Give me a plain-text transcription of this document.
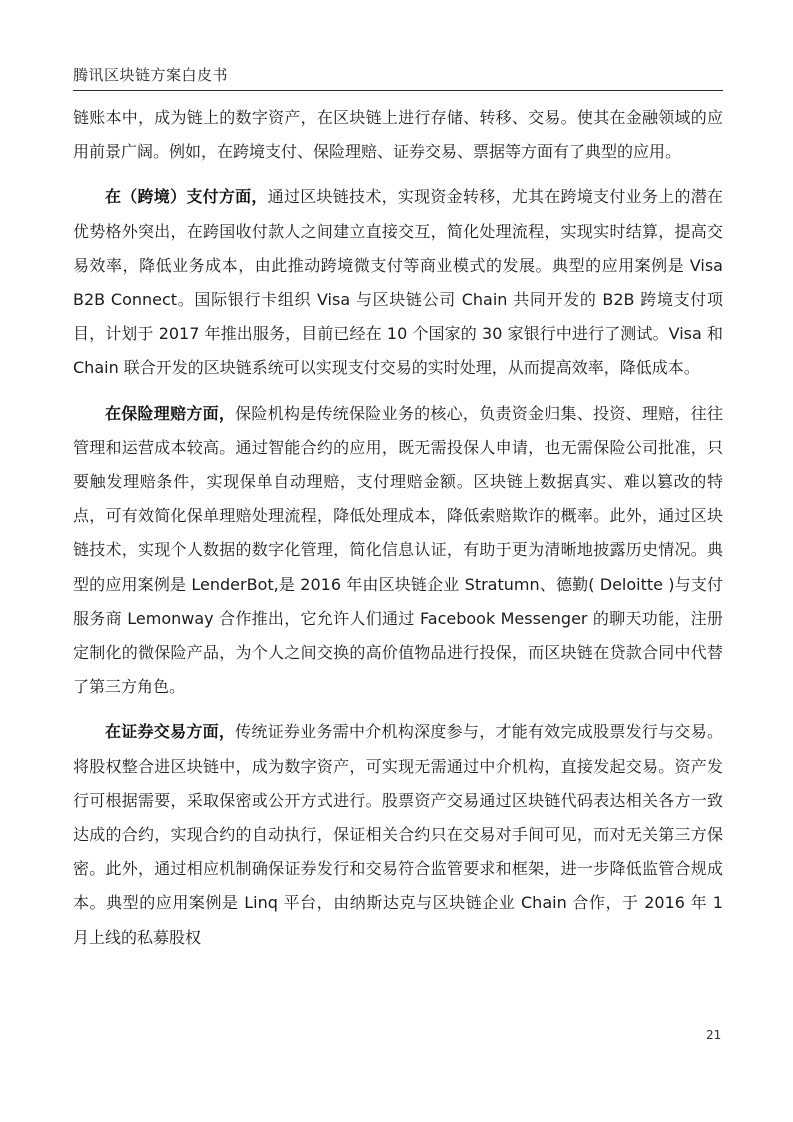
腾讯区块链方案白皮书

链账本中，成为链上的数字资产，在区块链上进行存储、转移、交易。使其在金融领域的应用前景广阔。例如，在跨境支付、保险理赔、证券交易、票据等方面有了典型的应用。

在（跨境）支付方面，通过区块链技术，实现资金转移，尤其在跨境支付业务上的潜在优势格外突出，在跨国收付款人之间建立直接交互，简化处理流程，实现实时结算，提高交易效率，降低业务成本，由此推动跨境微支付等商业模式的发展。典型的应用案例是 Visa B2B Connect。国际银行卡组织 Visa 与区块链公司 Chain 共同开发的 B2B 跨境支付项目，计划于 2017 年推出服务，目前已经在 10 个国家的 30 家银行中进行了测试。Visa 和 Chain 联合开发的区块链系统可以实现支付交易的实时处理，从而提高效率，降低成本。

在保险理赔方面，保险机构是传统保险业务的核心，负责资金归集、投资、理赔，往往管理和运营成本较高。通过智能合约的应用，既无需投保人申请，也无需保险公司批准，只要触发理赔条件，实现保单自动理赔，支付理赔金额。区块链上数据真实、难以篡改的特点，可有效简化保单理赔处理流程，降低处理成本，降低索赔欺诈的概率。此外，通过区块链技术，实现个人数据的数字化管理，简化信息认证，有助于更为清晰地披露历史情况。典型的应用案例是 LenderBot,是 2016 年由区块链企业 Stratumn、德勤( Deloitte )与支付服务商 Lemonway 合作推出，它允许人们通过 Facebook Messenger 的聊天功能，注册定制化的微保险产品，为个人之间交换的高价值物品进行投保，而区块链在贷款合同中代替了第三方角色。

在证券交易方面，传统证券业务需中介机构深度参与，才能有效完成股票发行与交易。将股权整合进区块链中，成为数字资产，可实现无需通过中介机构，直接发起交易。资产发行可根据需要，采取保密或公开方式进行。股票资产交易通过区块链代码表达相关各方一致达成的合约，实现合约的自动执行，保证相关合约只在交易对手间可见，而对无关第三方保密。此外，通过相应机制确保证券发行和交易符合监管要求和框架，进一步降低监管合规成本。典型的应用案例是 Linq 平台，由纳斯达克与区块链企业 Chain 合作，于 2016 年 1 月上线的私募股权

21
